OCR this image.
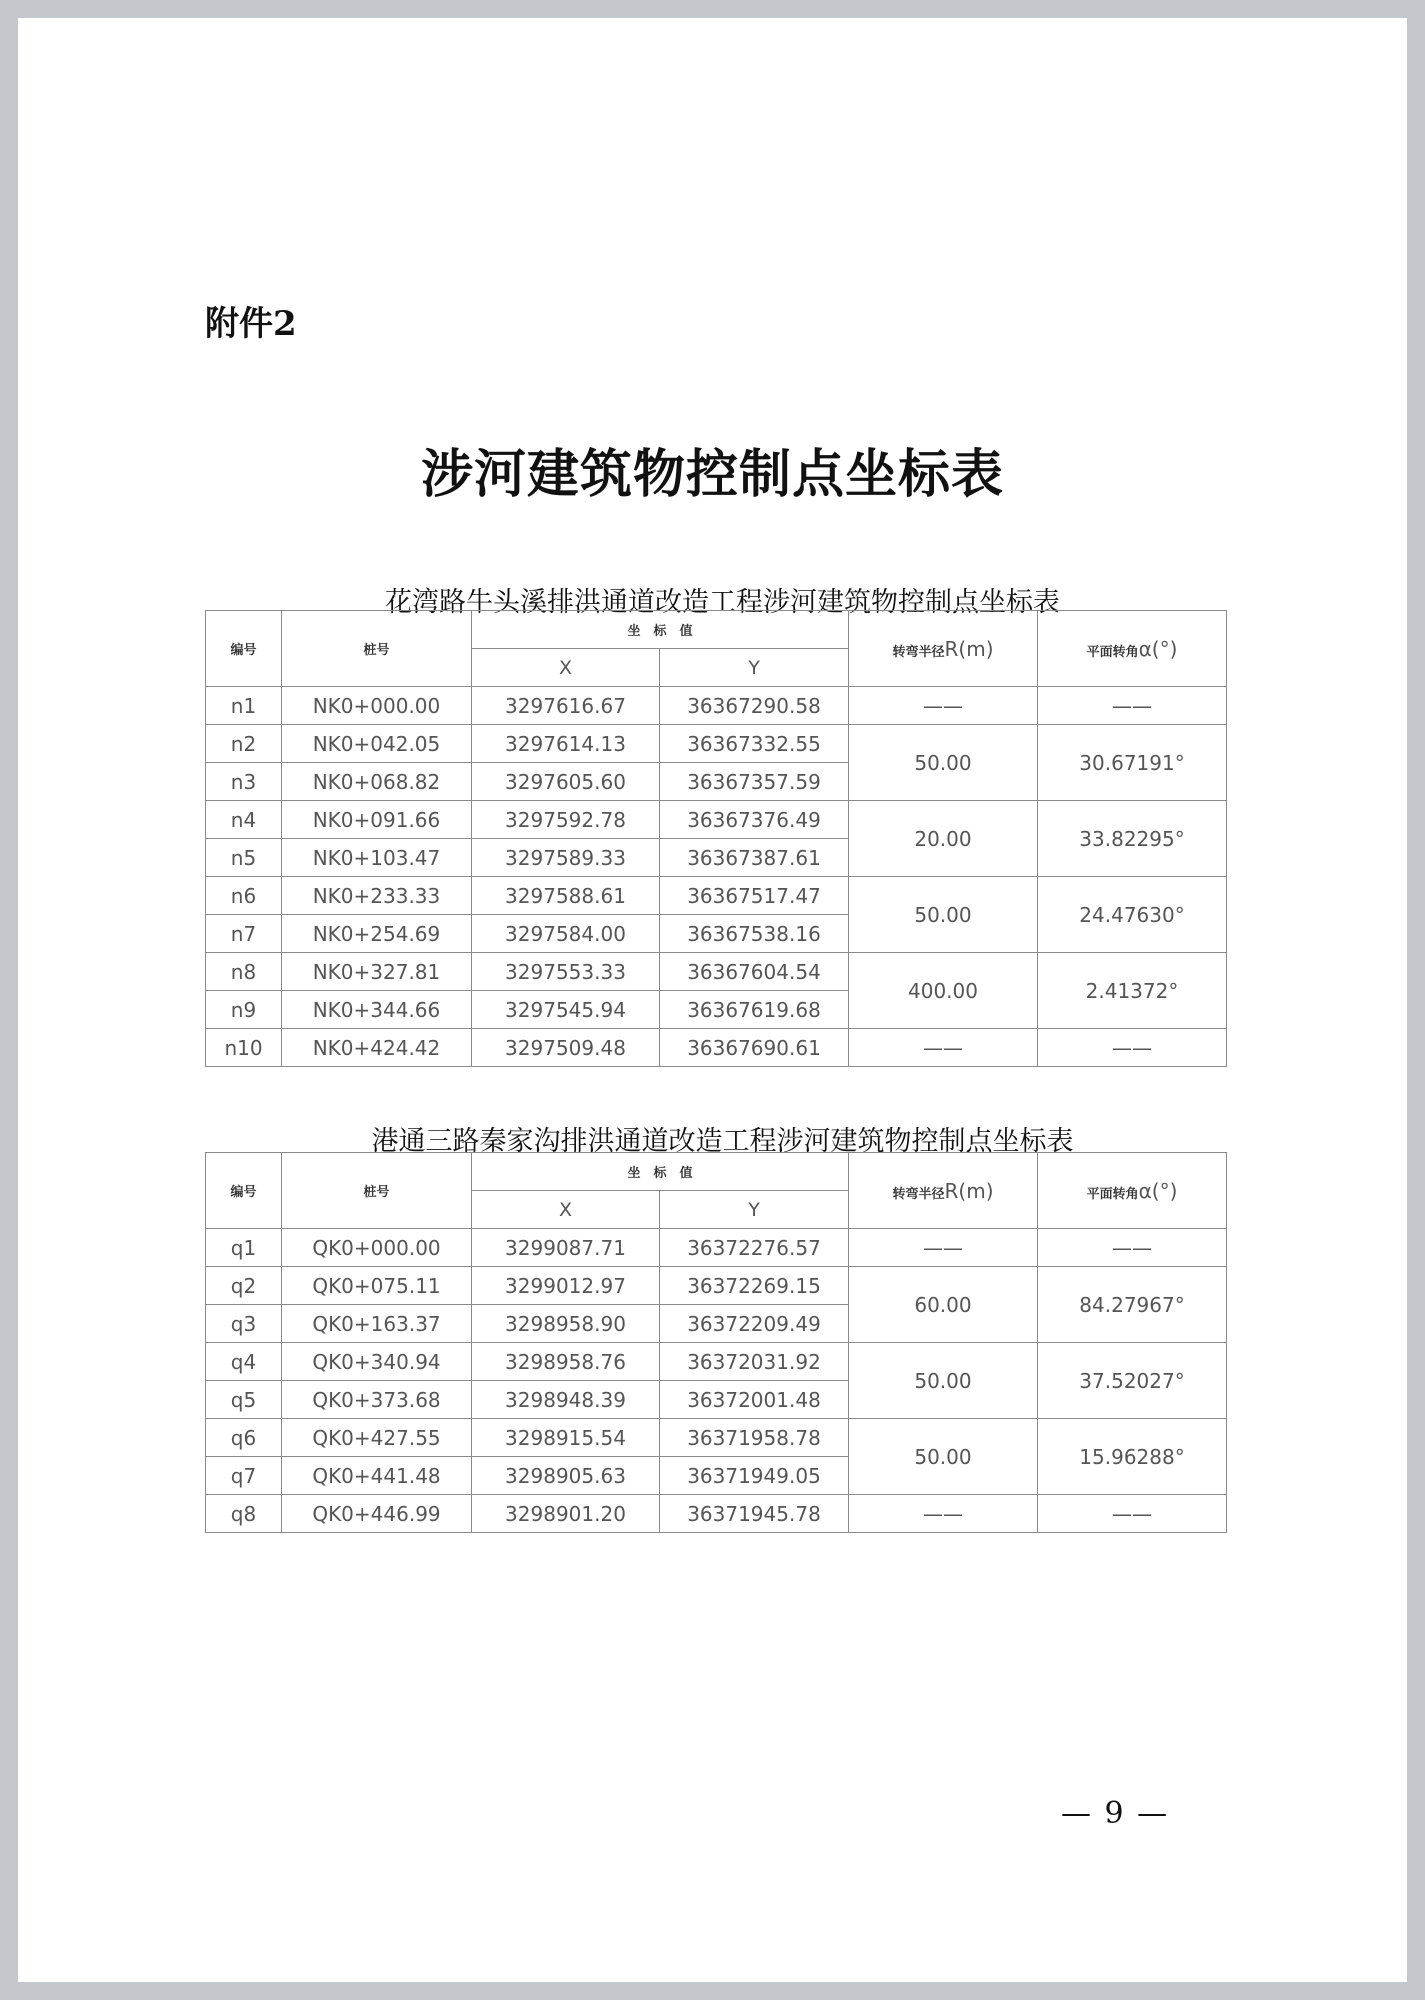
附件2
涉河建筑物控制点坐标表
花湾路牛头溪排洪通道改造工程涉河建筑物控制点坐标表
编号	桩号	坐　标　值		转弯半径R(m)	平面转角α(°)
		X	Y		
n1	NK0+000.00	3297616.67	36367290.58	——	——
n2	NK0+042.05	3297614.13	36367332.55	50.00	30.67191°
n3	NK0+068.82	3297605.60	36367357.59		
n4	NK0+091.66	3297592.78	36367376.49	20.00	33.82295°
n5	NK0+103.47	3297589.33	36367387.61		
n6	NK0+233.33	3297588.61	36367517.47	50.00	24.47630°
n7	NK0+254.69	3297584.00	36367538.16		
n8	NK0+327.81	3297553.33	36367604.54	400.00	2.41372°
n9	NK0+344.66	3297545.94	36367619.68		
n10	NK0+424.42	3297509.48	36367690.61	——	——
港通三路秦家沟排洪通道改造工程涉河建筑物控制点坐标表
编号	桩号	坐　标　值		转弯半径R(m)	平面转角α(°)
		X	Y		
q1	QK0+000.00	3299087.71	36372276.57	——	——
q2	QK0+075.11	3299012.97	36372269.15	60.00	84.27967°
q3	QK0+163.37	3298958.90	36372209.49		
q4	QK0+340.94	3298958.76	36372031.92	50.00	37.52027°
q5	QK0+373.68	3298948.39	36372001.48		
q6	QK0+427.55	3298915.54	36371958.78	50.00	15.96288°
q7	QK0+441.48	3298905.63	36371949.05		
q8	QK0+446.99	3298901.20	36371945.78	——	——
— 9 —
